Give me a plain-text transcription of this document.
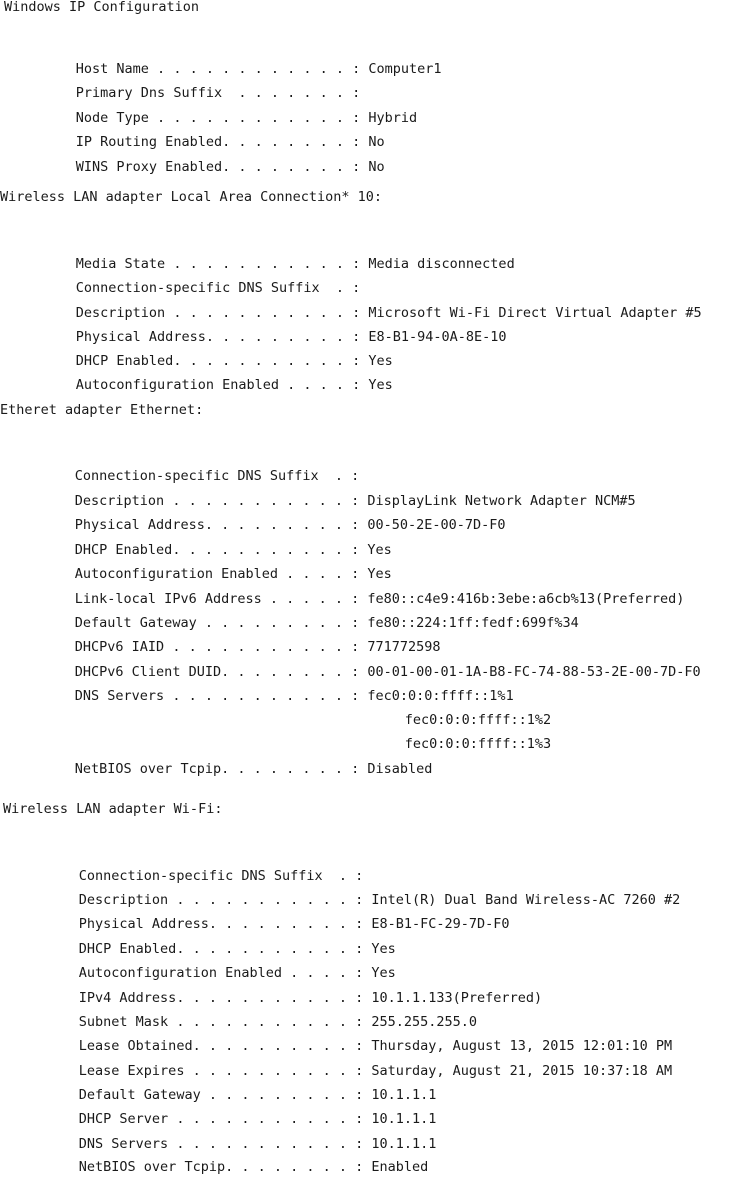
Windows IP Configuration

Host Name . . . . . . . . . . . . : Computer1

Primary Dns Suffix  . . . . . . . :

Node Type . . . . . . . . . . . . : Hybrid

IP Routing Enabled. . . . . . . . : No

WINS Proxy Enabled. . . . . . . . : No

Wireless LAN adapter Local Area Connection* 10:

Media State . . . . . . . . . . . : Media disconnected

Connection-specific DNS Suffix  . :

Description . . . . . . . . . . . : Microsoft Wi-Fi Direct Virtual Adapter #5

Physical Address. . . . . . . . . : E8-B1-94-0A-8E-10

DHCP Enabled. . . . . . . . . . . : Yes

Autoconfiguration Enabled . . . . : Yes

Etheret adapter Ethernet:

Connection-specific DNS Suffix  . :

Description . . . . . . . . . . . : DisplayLink Network Adapter NCM#5

Physical Address. . . . . . . . . : 00-50-2E-00-7D-F0

DHCP Enabled. . . . . . . . . . . : Yes

Autoconfiguration Enabled . . . . : Yes

Link-local IPv6 Address . . . . . : fe80::c4e9:416b:3ebe:a6cb%13(Preferred)

Default Gateway . . . . . . . . . : fe80::224:1ff:fedf:699f%34

DHCPv6 IAID . . . . . . . . . . . : 771772598

DHCPv6 Client DUID. . . . . . . . : 00-01-00-01-1A-B8-FC-74-88-53-2E-00-7D-F0

DNS Servers . . . . . . . . . . . : fec0:0:0:ffff::1%1

fec0:0:0:ffff::1%2

fec0:0:0:ffff::1%3

NetBIOS over Tcpip. . . . . . . . : Disabled

Wireless LAN adapter Wi-Fi:

Connection-specific DNS Suffix  . :

Description . . . . . . . . . . . : Intel(R) Dual Band Wireless-AC 7260 #2

Physical Address. . . . . . . . . : E8-B1-FC-29-7D-F0

DHCP Enabled. . . . . . . . . . . : Yes

Autoconfiguration Enabled . . . . : Yes

IPv4 Address. . . . . . . . . . . : 10.1.1.133(Preferred)

Subnet Mask . . . . . . . . . . . : 255.255.255.0

Lease Obtained. . . . . . . . . . : Thursday, August 13, 2015 12:01:10 PM

Lease Expires . . . . . . . . . . : Saturday, August 21, 2015 10:37:18 AM

Default Gateway . . . . . . . . . : 10.1.1.1

DHCP Server . . . . . . . . . . . : 10.1.1.1

DNS Servers . . . . . . . . . . . : 10.1.1.1

NetBIOS over Tcpip. . . . . . . . : Enabled
